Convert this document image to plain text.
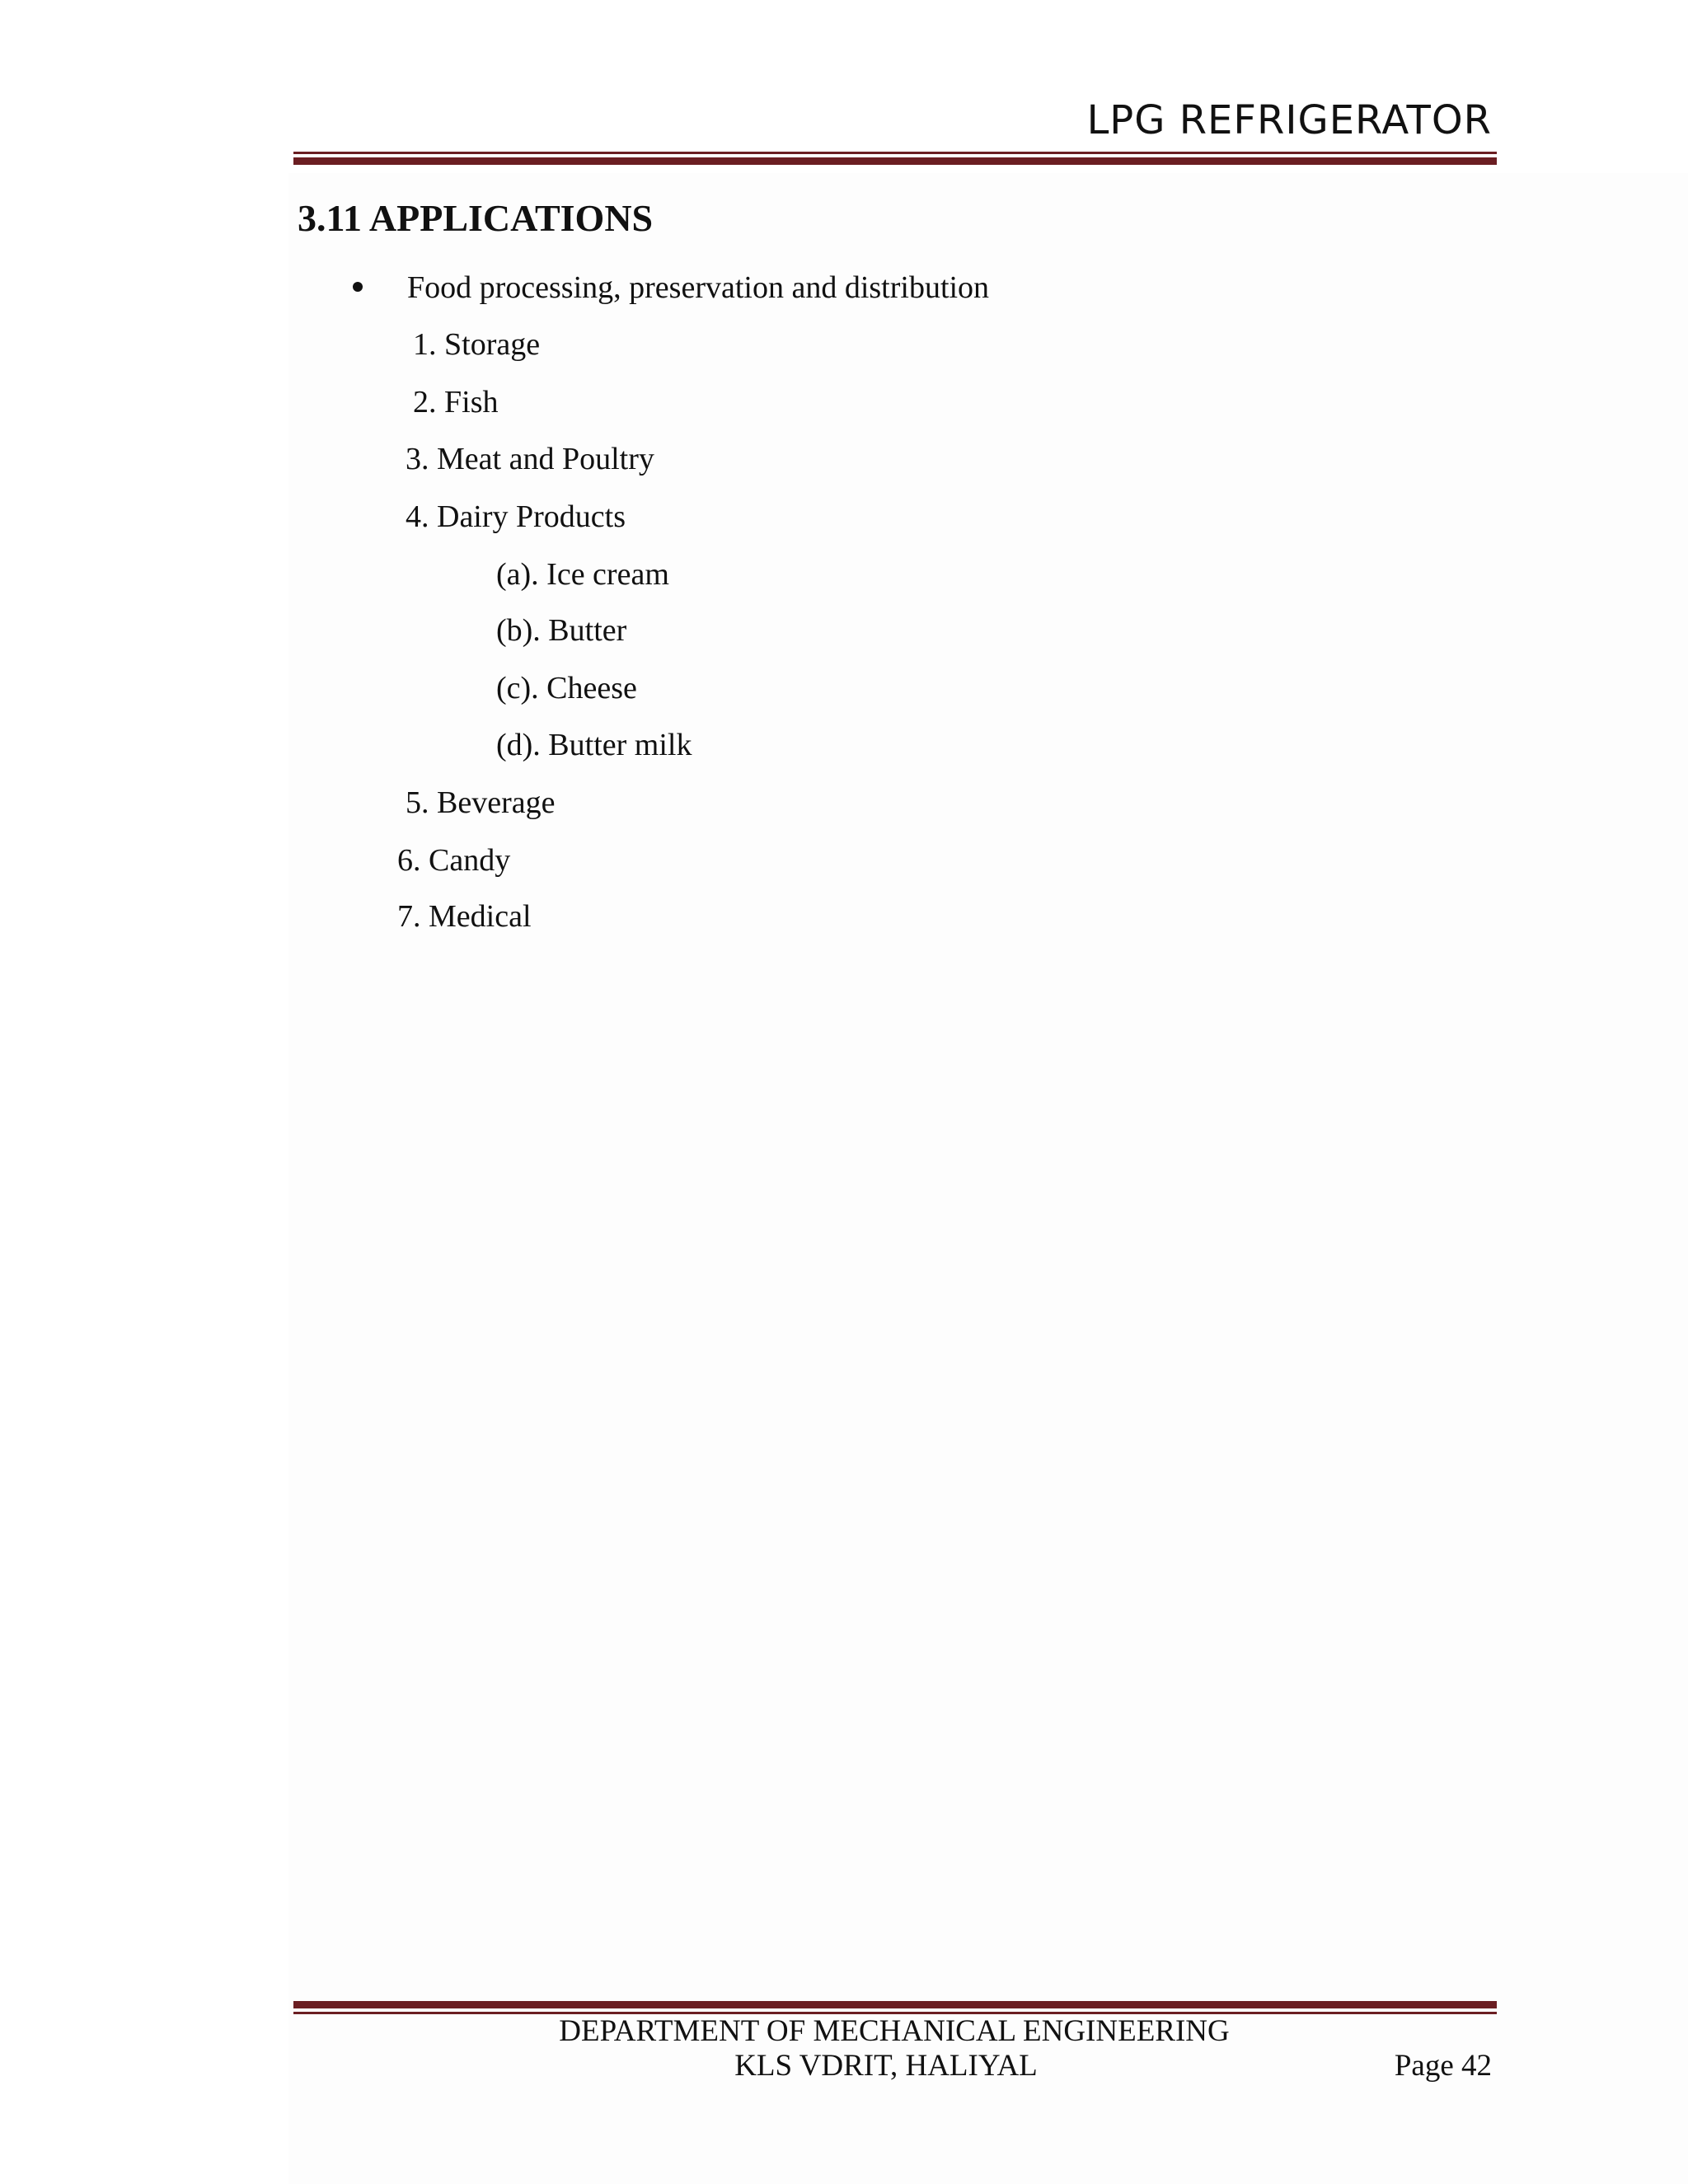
LPG REFRIGERATOR
3.11 APPLICATIONS
Food processing, preservation and distribution
1. Storage
2. Fish
3. Meat and Poultry
4. Dairy Products
(a). Ice cream
(b). Butter
(c). Cheese
(d). Butter milk
5. Beverage
6. Candy
7. Medical
DEPARTMENT OF MECHANICAL ENGINEERING
KLS VDRIT, HALIYAL	Page 42
